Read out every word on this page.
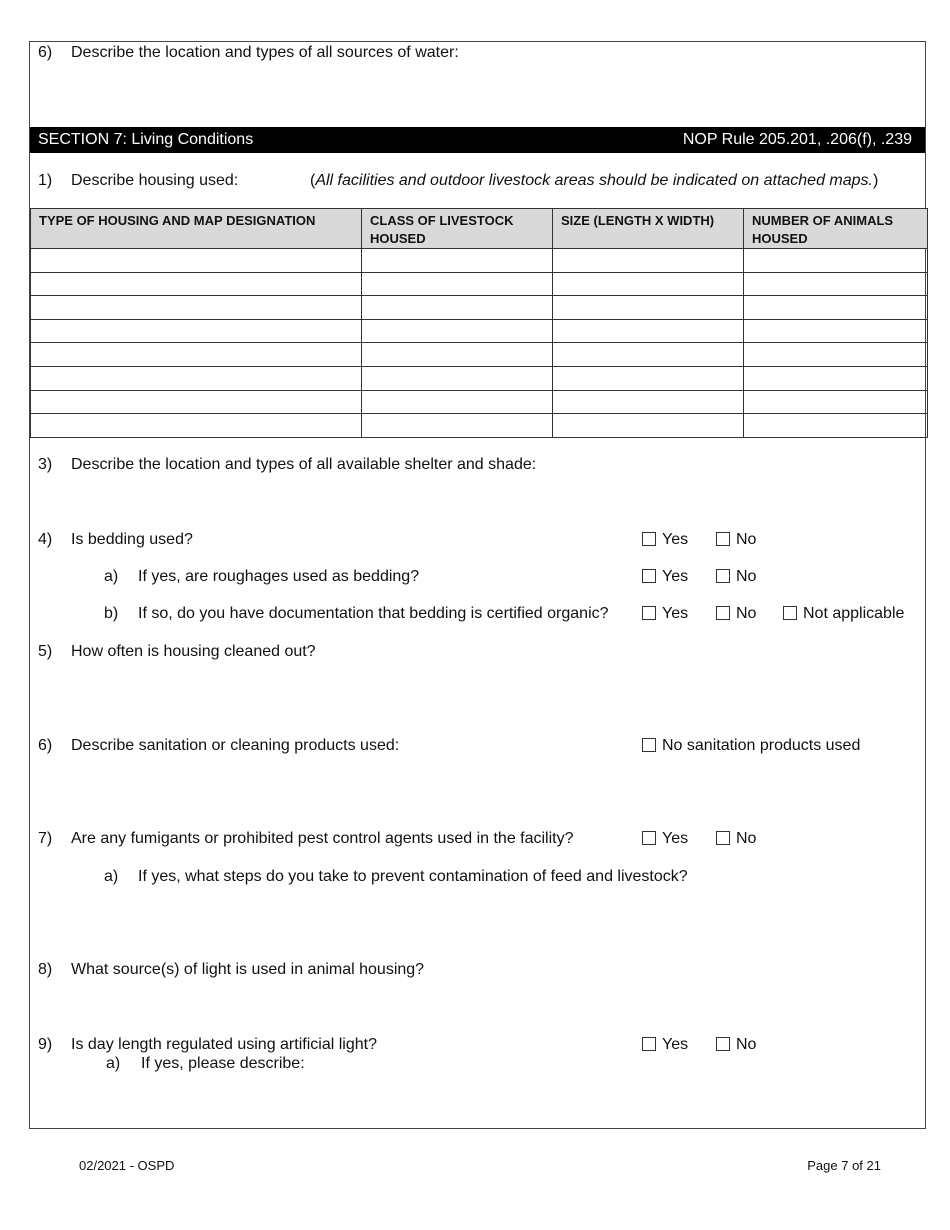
6) Describe the location and types of all sources of water:
SECTION 7: Living Conditions	NOP Rule 205.201, .206(f), .239
1) Describe housing used:	(All facilities and outdoor livestock areas should be indicated on attached maps.)
TYPE OF HOUSING AND MAP DESIGNATION	CLASS OF LIVESTOCK HOUSED	SIZE (LENGTH X WIDTH)	NUMBER OF ANIMALS HOUSED

3) Describe the location and types of all available shelter and shade:
4) Is bedding used?	Yes	No
a) If yes, are roughages used as bedding?	Yes	No
b) If so, do you have documentation that bedding is certified organic?	Yes	No	Not applicable
5) How often is housing cleaned out?
6) Describe sanitation or cleaning products used:	No sanitation products used
7) Are any fumigants or prohibited pest control agents used in the facility?	Yes	No
a) If yes, what steps do you take to prevent contamination of feed and livestock?
8) What source(s) of light is used in animal housing?
9) Is day length regulated using artificial light?	Yes	No
a) If yes, please describe:
02/2021 - OSPD	Page 7 of 21
